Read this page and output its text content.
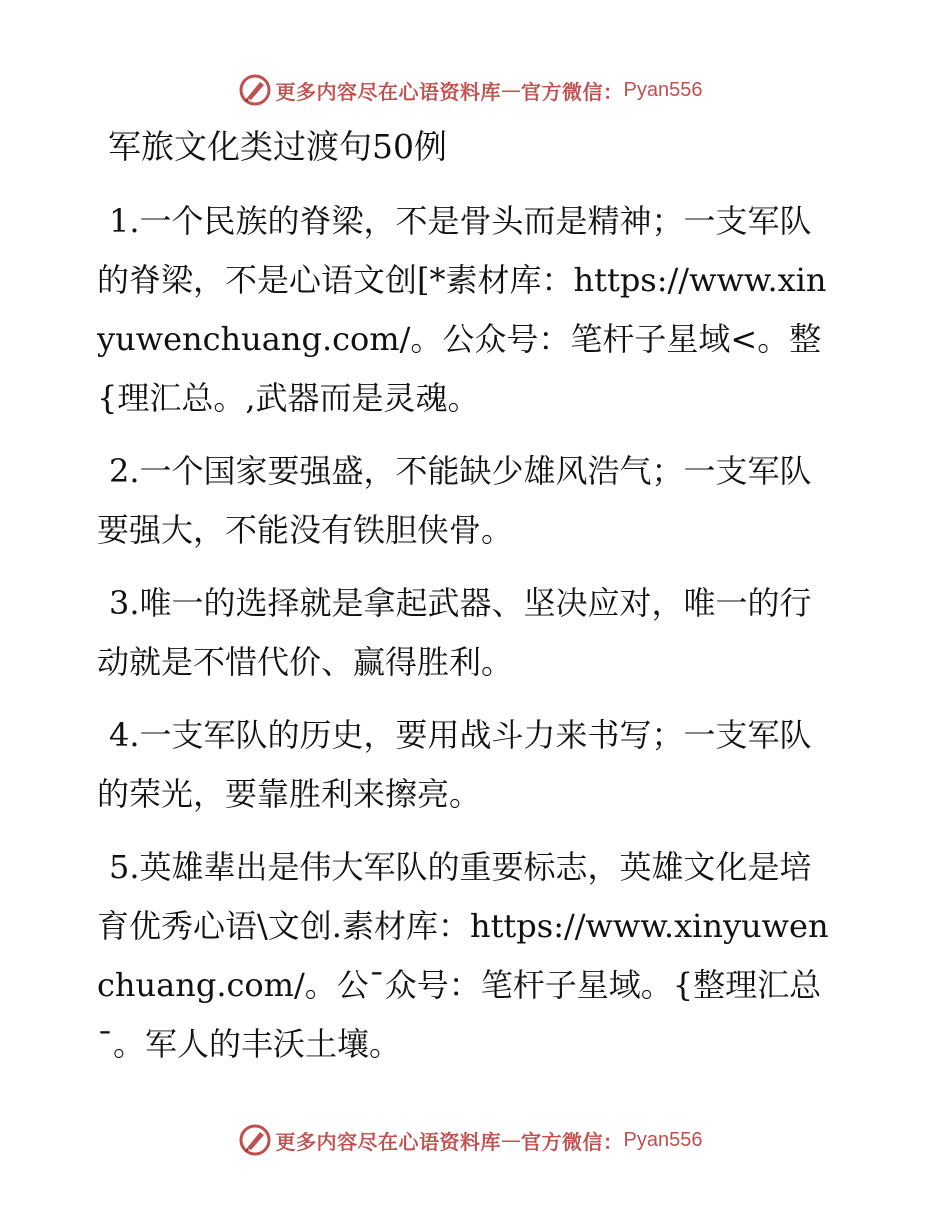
更多内容尽在心语资料库 — 官方微信： Pyan556
军旅文化类过渡句50例

1.一个民族的脊梁，不是骨头而是精神；一支军队的脊梁，不是心语文创[*素材库：https://www.xinyuwenchuang.com/。公众号：笔杆子星域<。整{理汇总。,武器而是灵魂。

2.一个国家要强盛，不能缺少雄风浩气；一支军队要强大，不能没有铁胆侠骨。

3.唯一的选择就是拿起武器、坚决应对，唯一的行动就是不惜代价、赢得胜利。

4.一支军队的历史，要用战斗力来书写；一支军队的荣光，要靠胜利来擦亮。

5.英雄辈出是伟大军队的重要标志，英雄文化是培育优秀心语\文创.素材库：https://www.xinyuwenchuang.com/。公¯众号：笔杆子星域。{整理汇总¯。军人的丰沃土壤。

更多内容尽在心语资料库 — 官方微信： Pyan556
